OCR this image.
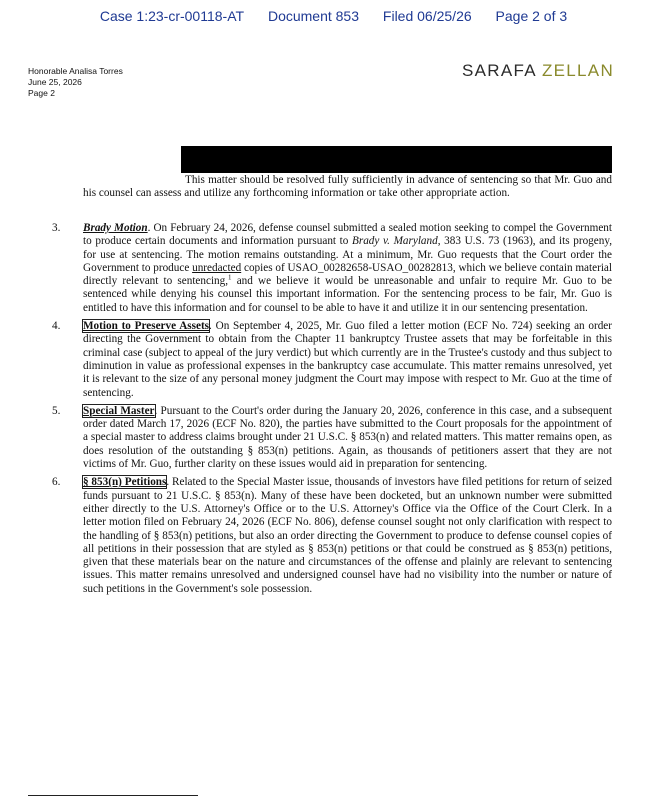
Case 1:23-cr-00118-AT Document 853 Filed 06/25/26 Page 2 of 3
Honorable Analisa Torres
June 25, 2026
Page 2
SARAFA ZELLAN
This matter should be resolved fully sufficiently in advance of sentencing so that Mr. Guo and his counsel can assess and utilize any forthcoming information or take other appropriate action.
3. Brady Motion. On February 24, 2026, defense counsel submitted a sealed motion seeking to compel the Government to produce certain documents and information pursuant to Brady v. Maryland, 383 U.S. 73 (1963), and its progeny, for use at sentencing. The motion remains outstanding. At a minimum, Mr. Guo requests that the Court order the Government to produce unredacted copies of USAO_00282658-USAO_00282813, which we believe contain material directly relevant to sentencing,$^1$ and we believe it would be unreasonable and unfair to require Mr. Guo to be sentenced while denying his counsel this important information. For the sentencing process to be fair, Mr. Guo is entitled to have this information and for counsel to be able to have it and utilize it in our sentencing presentation.
4. Motion to Preserve Assets. On September 4, 2025, Mr. Guo filed a letter motion (ECF No. 724) seeking an order directing the Government to obtain from the Chapter 11 bankruptcy Trustee assets that may be forfeitable in this criminal case (subject to appeal of the jury verdict) but which currently are in the Trustee's custody and thus subject to diminution in value as professional expenses in the bankruptcy case accumulate. This matter remains unresolved, yet it is relevant to the size of any personal money judgment the Court may impose with respect to Mr. Guo at the time of sentencing.
5. Special Master. Pursuant to the Court's order during the January 20, 2026, conference in this case, and a subsequent order dated March 17, 2026 (ECF No. 820), the parties have submitted to the Court proposals for the appointment of a special master to address claims brought under 21 U.S.C. § 853(n) and related matters. This matter remains open, as does resolution of the outstanding § 853(n) petitions. Again, as thousands of petitioners assert that they are not victims of Mr. Guo, further clarity on these issues would aid in preparation for sentencing.
6. § 853(n) Petitions. Related to the Special Master issue, thousands of investors have filed petitions for return of seized funds pursuant to 21 U.S.C. § 853(n). Many of these have been docketed, but an unknown number were submitted either directly to the U.S. Attorney's Office or to the U.S. Attorney's Office via the Office of the Court Clerk. In a letter motion filed on February 24, 2026 (ECF No. 806), defense counsel sought not only clarification with respect to the handling of § 853(n) petitions, but also an order directing the Government to produce to defense counsel copies of all petitions in their possession that are styled as § 853(n) petitions or that could be construed as § 853(n) petitions, given that these materials bear on the nature and circumstances of the offense and plainly are relevant to sentencing issues. This matter remains unresolved and undersigned counsel have had no visibility into the number or nature of such petitions in the Government's sole possession.
